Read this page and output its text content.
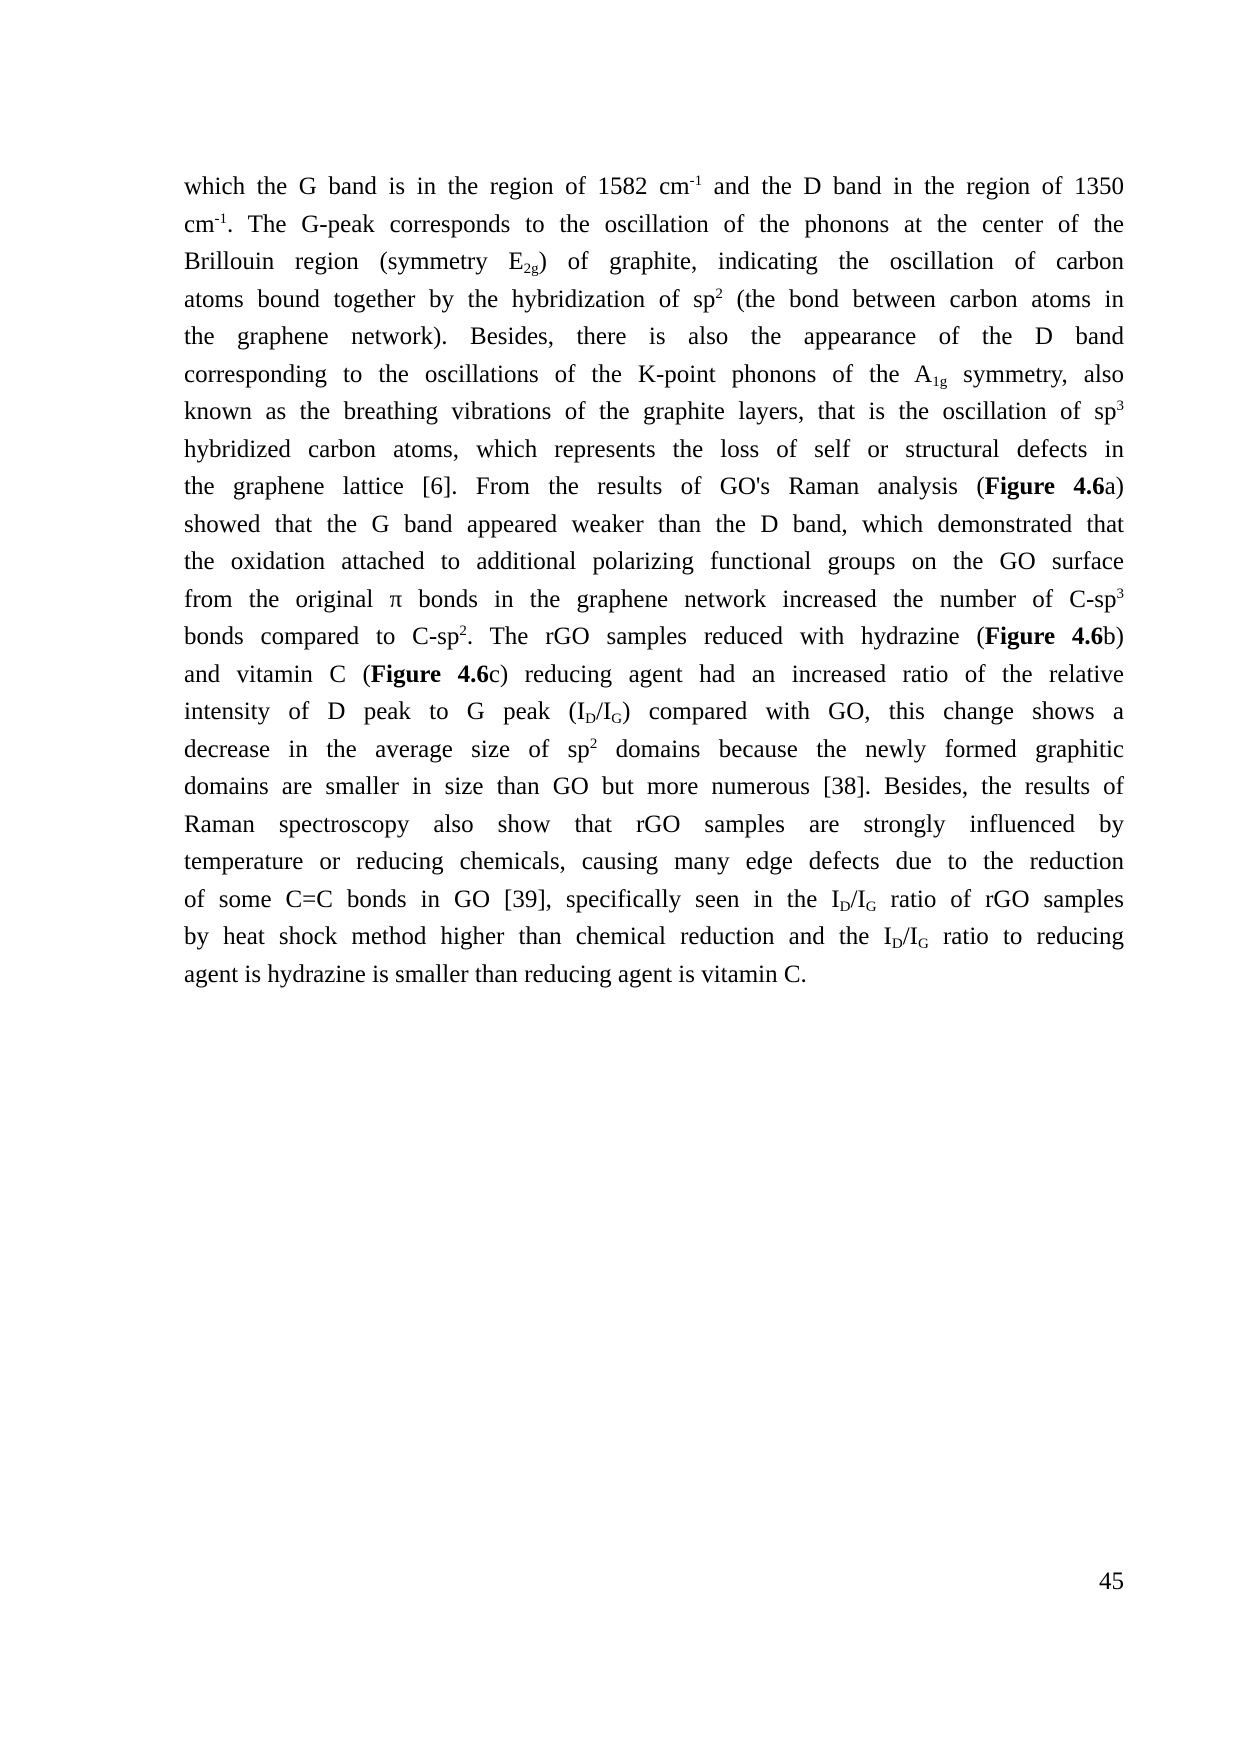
which the G band is in the region of 1582 $cm^{-1}$ and the D band in the region of 1350
$cm^{-1}$. The G-peak corresponds to the oscillation of the phonons at the center of the
Brillouin region (symmetry $E_{2g}$) of graphite, indicating the oscillation of carbon
atoms bound together by the hybridization of $sp^2$ (the bond between carbon atoms in
the graphene network). Besides, there is also the appearance of the D band
corresponding to the oscillations of the K-point phonons of the $A_{1g}$ symmetry, also
known as the breathing vibrations of the graphite layers, that is the oscillation of $sp^3$
hybridized carbon atoms, which represents the loss of self or structural defects in
the graphene lattice [6]. From the results of GO's Raman analysis (Figure 4.6a)
showed that the G band appeared weaker than the D band, which demonstrated that
the oxidation attached to additional polarizing functional groups on the GO surface
from the original π bonds in the graphene network increased the number of $C-sp^3$
bonds compared to $C-sp^2$. The rGO samples reduced with hydrazine (Figure 4.6b)
and vitamin C (Figure 4.6c) reducing agent had an increased ratio of the relative
intensity of D peak to G peak $(I_D/I_G)$ compared with GO, this change shows a
decrease in the average size of $sp^2$ domains because the newly formed graphitic
domains are smaller in size than GO but more numerous [38]. Besides, the results of
Raman spectroscopy also show that rGO samples are strongly influenced by
temperature or reducing chemicals, causing many edge defects due to the reduction
of some C=C bonds in GO [39], specifically seen in the $I_D/I_G$ ratio of rGO samples
by heat shock method higher than chemical reduction and the $I_D/I_G$ ratio to reducing
agent is hydrazine is smaller than reducing agent is vitamin C.
45
